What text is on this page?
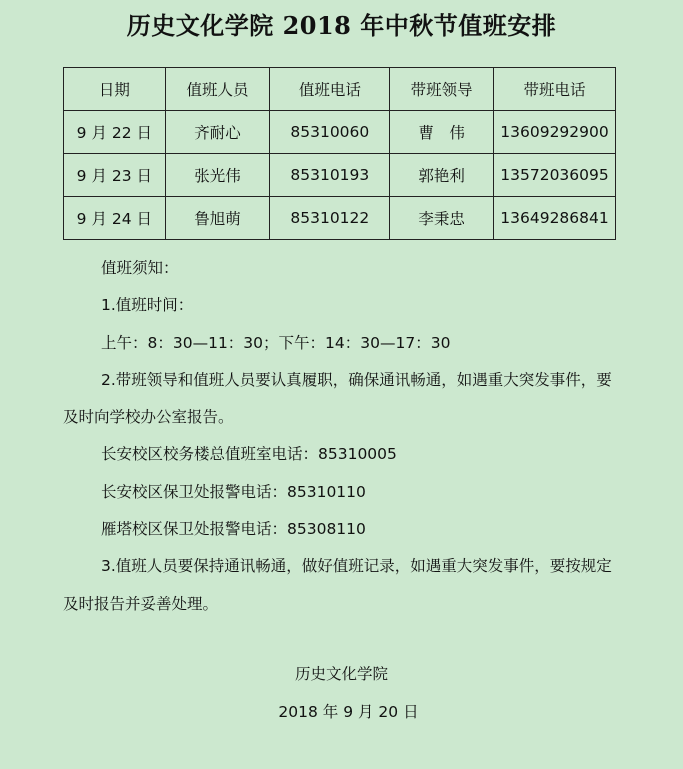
历史文化学院 2018 年中秋节值班安排
日期	值班人员	值班电话	带班领导	带班电话
9 月 22 日	齐耐心	85310060	曹　伟	13609292900
9 月 23 日	张光伟	85310193	郭艳利	13572036095
9 月 24 日	鲁旭萌	85310122	李秉忠	13649286841

值班须知：

1.值班时间：

上午：8：30—11：30；下午：14：30—17：30

2.带班领导和值班人员要认真履职，确保通讯畅通，如遇重大突发事件，要及时向学校办公室报告。

长安校区校务楼总值班室电话：85310005

长安校区保卫处报警电话：85310110

雁塔校区保卫处报警电话：85308110

3.值班人员要保持通讯畅通，做好值班记录，如遇重大突发事件，要按规定及时报告并妥善处理。

历史文化学院
2018 年 9 月 20 日
